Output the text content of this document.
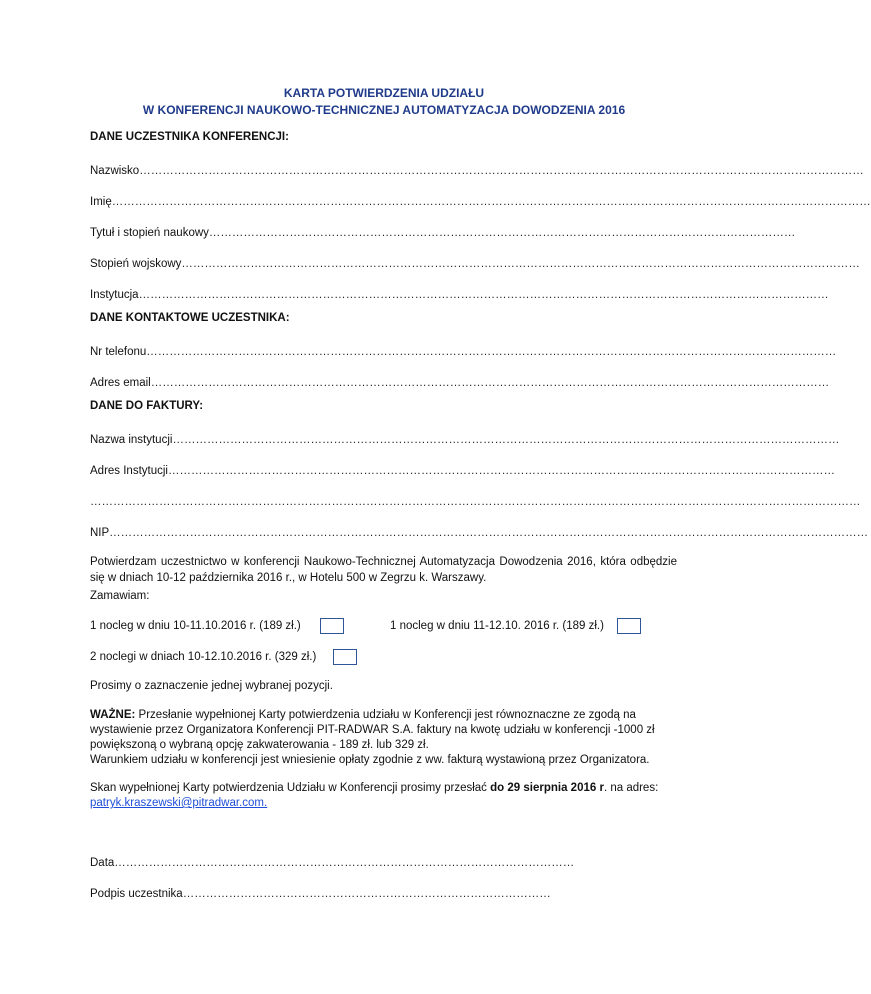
KARTA POTWIERDZENIA UDZIAŁU
W KONFERENCJI NAUKOWO-TECHNICZNEJ AUTOMATYZACJA DOWODZENIA 2016
DANE UCZESTNIKA KONFERENCJI:
Nazwisko………………………………………………………………………………………………………………………………………………………………………
Imię………………………………………………………………………………………………………………………………………………………………………………
Tytuł i stopień naukowy………………………………………………………………………………………………………………………………………
Stopień wojskowy……………………………………………………………………………………………………………………………………………………………
Instytucja………………………………………………………………………………………………………………………………………………………………
DANE KONTAKTOWE UCZESTNIKA:
Nr telefonu………………………………………………………………………………………………………………………………………………………………
Adres email……………………………………………………………………………………………………………………………………………………………
DANE DO FAKTURY:
Nazwa instytucji…………………………………………………………………………………………………………………………………………………………
Adres Instytucji…………………………………………………………………………………………………………………………………………………………
…………………………………………………………………………………………………………………………………………………………………………………
NIP………………………………………………………………………………………………………………………………………………………………………………
Potwierdzam uczestnictwo w konferencji Naukowo-Technicznej Automatyzacja Dowodzenia 2016, która odbędzie się w dniach 10-12 października 2016 r., w Hotelu 500 w Zegrzu k. Warszawy.
Zamawiam:
1 nocleg w dniu 10-11.10.2016 r. (189 zł.)	1 nocleg w dniu 11-12.10. 2016 r. (189 zł.)
2 noclegi w dniach 10-12.10.2016 r. (329 zł.)
Prosimy o zaznaczenie jednej wybranej pozycji.
WAŻNE: Przesłanie wypełnionej Karty potwierdzenia udziału w Konferencji jest równoznaczne ze zgodą na wystawienie przez Organizatora Konferencji PIT-RADWAR S.A. faktury na kwotę udziału w konferencji -1000 zł powiększoną o wybraną opcję zakwaterowania - 189 zł. lub 329 zł.
Warunkiem udziału w konferencji jest wniesienie opłaty zgodnie z ww. fakturą wystawioną przez Organizatora.
Skan wypełnionej Karty potwierdzenia Udziału w Konferencji prosimy przesłać do 29 sierpnia 2016 r. na adres:
patryk.kraszewski@pitradwar.com.
Data…………………………………………………………………………………………………………
Podpis uczestnika……………………………………………………………………………………
